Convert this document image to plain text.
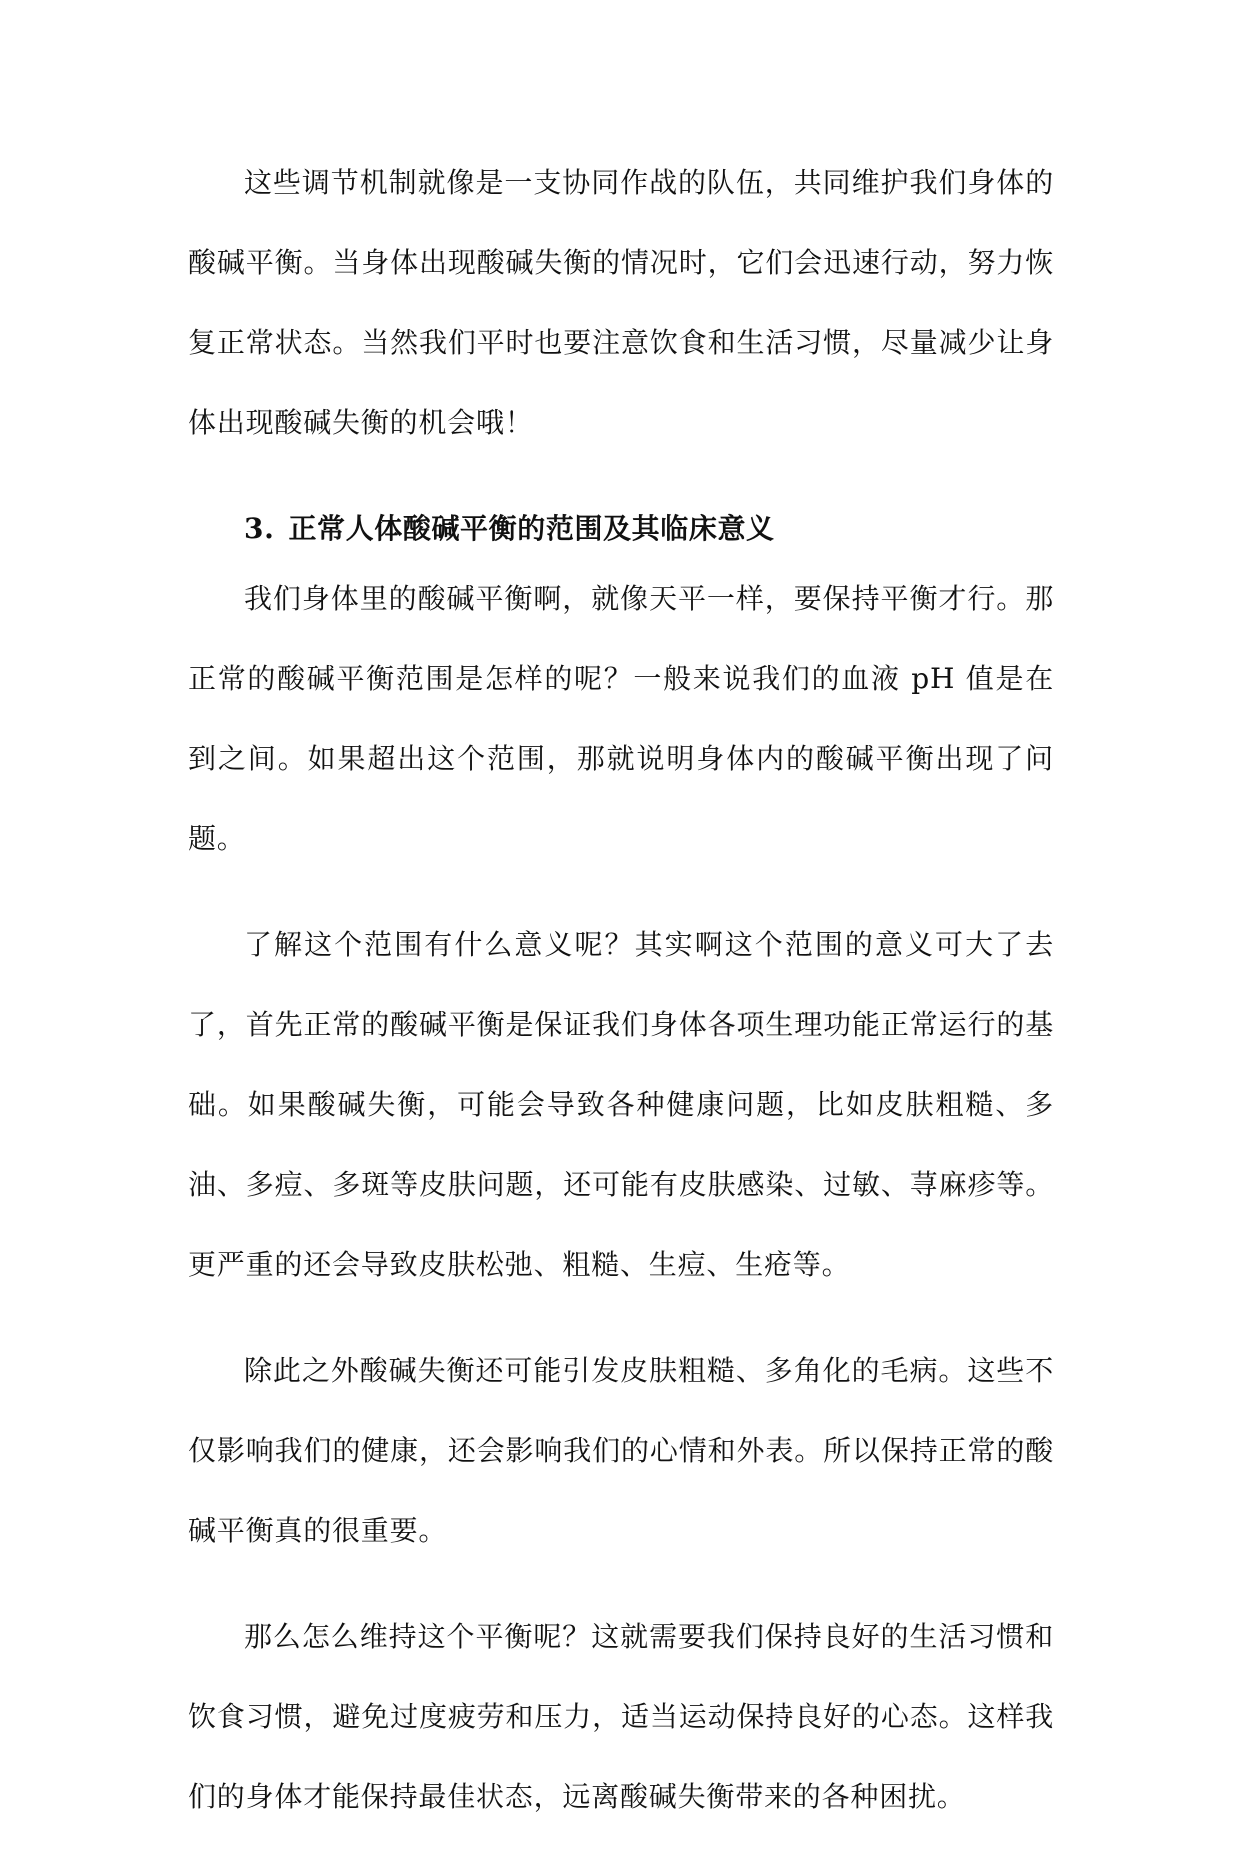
这些调节机制就像是一支协同作战的队伍，共同维护我们身体的酸碱平衡。当身体出现酸碱失衡的情况时，它们会迅速行动，努力恢复正常状态。当然我们平时也要注意饮食和生活习惯，尽量减少让身体出现酸碱失衡的机会哦！

3. 正常人体酸碱平衡的范围及其临床意义

我们身体里的酸碱平衡啊，就像天平一样，要保持平衡才行。那正常的酸碱平衡范围是怎样的呢？一般来说我们的血液 pH 值是在到之间。如果超出这个范围，那就说明身体内的酸碱平衡出现了问题。

了解这个范围有什么意义呢？其实啊这个范围的意义可大了去了，首先正常的酸碱平衡是保证我们身体各项生理功能正常运行的基础。如果酸碱失衡，可能会导致各种健康问题，比如皮肤粗糙、多油、多痘、多斑等皮肤问题，还可能有皮肤感染、过敏、荨麻疹等。更严重的还会导致皮肤松弛、粗糙、生痘、生疮等。

除此之外酸碱失衡还可能引发皮肤粗糙、多角化的毛病。这些不仅影响我们的健康，还会影响我们的心情和外表。所以保持正常的酸碱平衡真的很重要。

那么怎么维持这个平衡呢？这就需要我们保持良好的生活习惯和饮食习惯，避免过度疲劳和压力，适当运动保持良好的心态。这样我们的身体才能保持最佳状态，远离酸碱失衡带来的各种困扰。
